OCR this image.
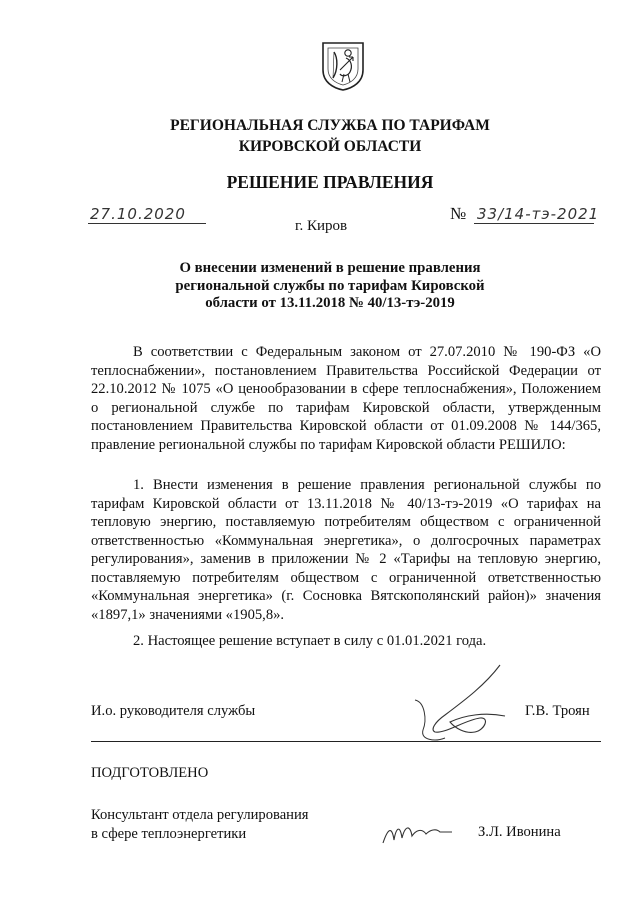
РЕГИОНАЛЬНАЯ СЛУЖБА ПО ТАРИФАМ
КИРОВСКОЙ ОБЛАСТИ
РЕШЕНИЕ ПРАВЛЕНИЯ
27.10.2020	№ 33/14-тэ-2021
г. Киров
О внесении изменений в решение правления
региональной службы по тарифам Кировской
области от 13.11.2018 № 40/13-тэ-2019
В соответствии с Федеральным законом от 27.07.2010 № 190-ФЗ «О теплоснабжении», постановлением Правительства Российской Федерации от 22.10.2012 № 1075 «О ценообразовании в сфере теплоснабжения», Положением о региональной службе по тарифам Кировской области, утвержденным постановлением Правительства Кировской области от 01.09.2008 № 144/365, правление региональной службы по тарифам Кировской области РЕШИЛО:
1. Внести изменения в решение правления региональной службы по тарифам Кировской области от 13.11.2018 № 40/13-тэ-2019 «О тарифах на тепловую энергию, поставляемую потребителям обществом с ограниченной ответственностью «Коммунальная энергетика», о долгосрочных параметрах регулирования», заменив в приложении № 2 «Тарифы на тепловую энергию, поставляемую потребителям обществом с ограниченной ответственностью «Коммунальная энергетика» (г. Сосновка Вятскополянский район)» значения «1897,1» значениями «1905,8».
2. Настоящее решение вступает в силу с 01.01.2021 года.
И.о. руководителя службы	Г.В. Троян
ПОДГОТОВЛЕНО
Консультант отдела регулирования
в сфере теплоэнергетики	З.Л. Ивонина
